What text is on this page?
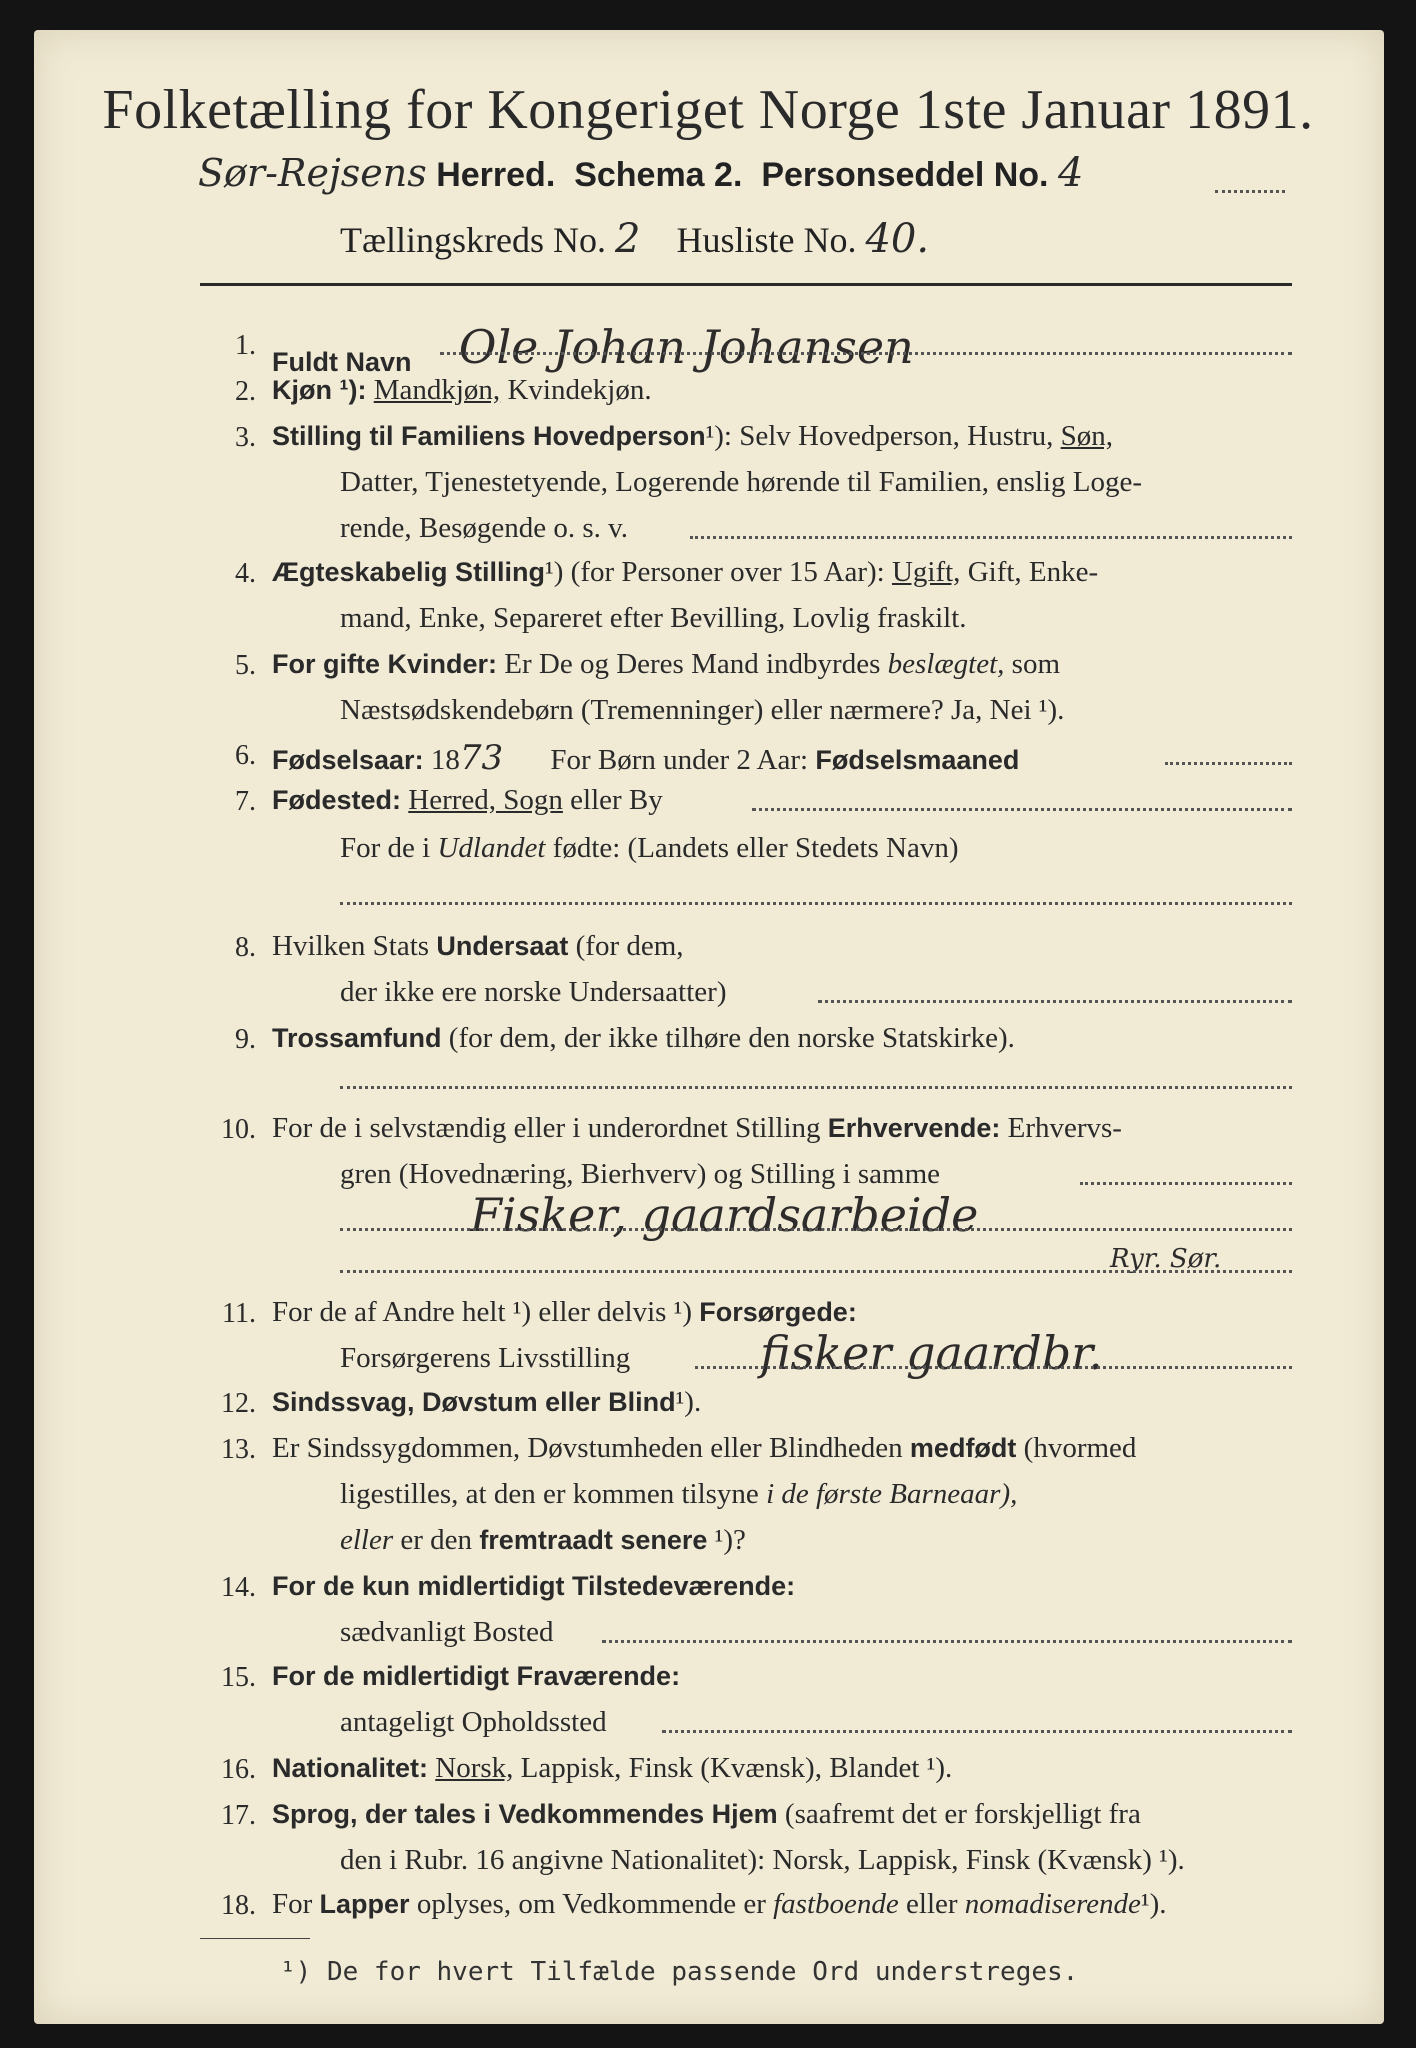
Folketælling for Kongeriget Norge 1ste Januar 1891.
Sør-Rejsens Herred. Schema 2. Personseddel No. 4
Tællingskreds No. 2 Husliste No. 40.
1.
Fuldt Navn Ole Johan Johansen
2. Kjøn ¹): Mandkjøn, Kvindekjøn.
3. Stilling til Familiens Hovedperson¹): Selv Hovedperson, Hustru, Søn,
Datter, Tjenestetyende, Logerende hørende til Familien, enslig Loge-
rende, Besøgende o. s. v.
4. Ægteskabelig Stilling¹) (for Personer over 15 Aar): Ugift, Gift, Enke-
mand, Enke, Separeret efter Bevilling, Lovlig fraskilt.
5. For gifte Kvinder: Er De og Deres Mand indbyrdes beslægtet, som
Næstsødskendebørn (Tremenninger) eller nærmere? Ja, Nei ¹).
6. Fødselsaar: 1873 For Børn under 2 Aar: Fødselsmaaned
7. Fødested: Herred, Sogn eller By
For de i Udlandet fødte: (Landets eller Stedets Navn)
8. Hvilken Stats Undersaat (for dem,
der ikke ere norske Undersaatter)
9. Trossamfund (for dem, der ikke tilhøre den norske Statskirke).
10. For de i selvstændig eller i underordnet Stilling Erhvervende: Erhvervs-
gren (Hovednæring, Bierhverv) og Stilling i samme
Fisker, gaardsarbeide
Ryr. Sør.
11. For de af Andre helt ¹) eller delvis ¹) Forsørgede:
Forsørgerens Livsstilling	fisker gaardbr.
12. Sindssvag, Døvstum eller Blind¹).
13. Er Sindssygdommen, Døvstumheden eller Blindheden medfødt (hvormed
ligestilles, at den er kommen tilsyne i de første Barneaar),
eller er den fremtraadt senere ¹)?
14. For de kun midlertidigt Tilstedeværende:
sædvanligt Bosted
15. For de midlertidigt Fraværende:
antageligt Opholdssted
16. Nationalitet: Norsk, Lappisk, Finsk (Kvænsk), Blandet ¹).
17. Sprog, der tales i Vedkommendes Hjem (saafremt det er forskjelligt fra
den i Rubr. 16 angivne Nationalitet): Norsk, Lappisk, Finsk (Kvænsk) ¹).
18. For Lapper oplyses, om Vedkommende er fastboende eller nomadiserende¹).
¹) De for hvert Tilfælde passende Ord understreges.
